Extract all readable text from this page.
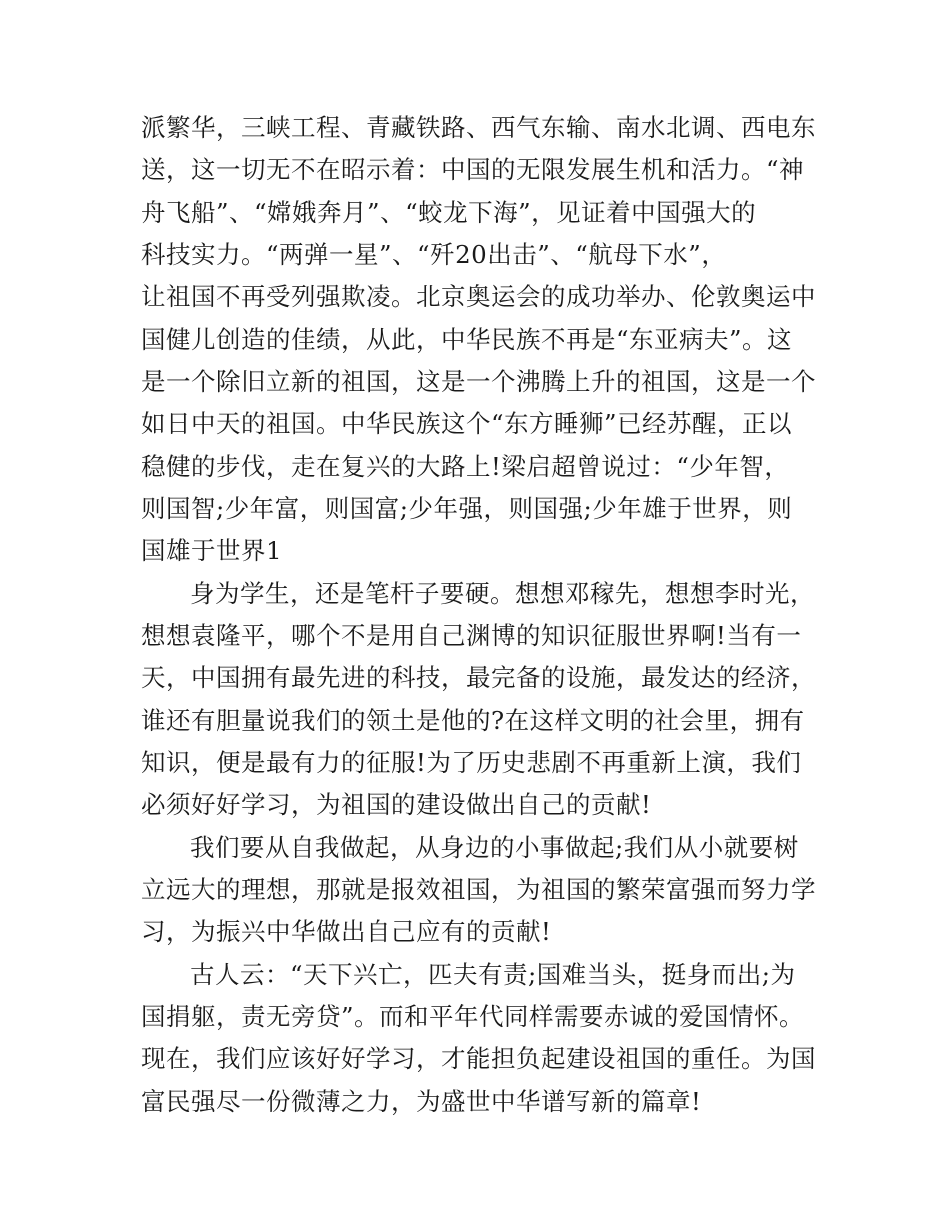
派繁华，三峡工程、青藏铁路、西气东输、南水北调、西电东
送，这一切无不在昭示着：中国的无限发展生机和活力。“神
舟飞船”、“嫦娥奔月”、“蛟龙下海”，见证着中国强大的
科技实力。“两弹一星”、“歼20出击”、“航母下水”，
让祖国不再受列强欺凌。北京奥运会的成功举办、伦敦奥运中
国健儿创造的佳绩，从此，中华民族不再是“东亚病夫”。这
是一个除旧立新的祖国，这是一个沸腾上升的祖国，这是一个
如日中天的祖国。中华民族这个“东方睡狮”已经苏醒，正以
稳健的步伐，走在复兴的大路上!梁启超曾说过：“少年智，
则国智;少年富，则国富;少年强，则国强;少年雄于世界，则
国雄于世界1
身为学生，还是笔杆子要硬。想想邓稼先，想想李时光，
想想袁隆平，哪个不是用自己渊博的知识征服世界啊!当有一
天，中国拥有最先进的科技，最完备的设施，最发达的经济，
谁还有胆量说我们的领土是他的?在这样文明的社会里，拥有
知识，便是最有力的征服!为了历史悲剧不再重新上演，我们
必须好好学习，为祖国的建设做出自己的贡献!
我们要从自我做起，从身边的小事做起;我们从小就要树
立远大的理想，那就是报效祖国，为祖国的繁荣富强而努力学
习，为振兴中华做出自己应有的贡献!
古人云：“天下兴亡，匹夫有责;国难当头，挺身而出;为
国捐躯，责无旁贷”。而和平年代同样需要赤诚的爱国情怀。
现在，我们应该好好学习，才能担负起建设祖国的重任。为国
富民强尽一份微薄之力，为盛世中华谱写新的篇章!
